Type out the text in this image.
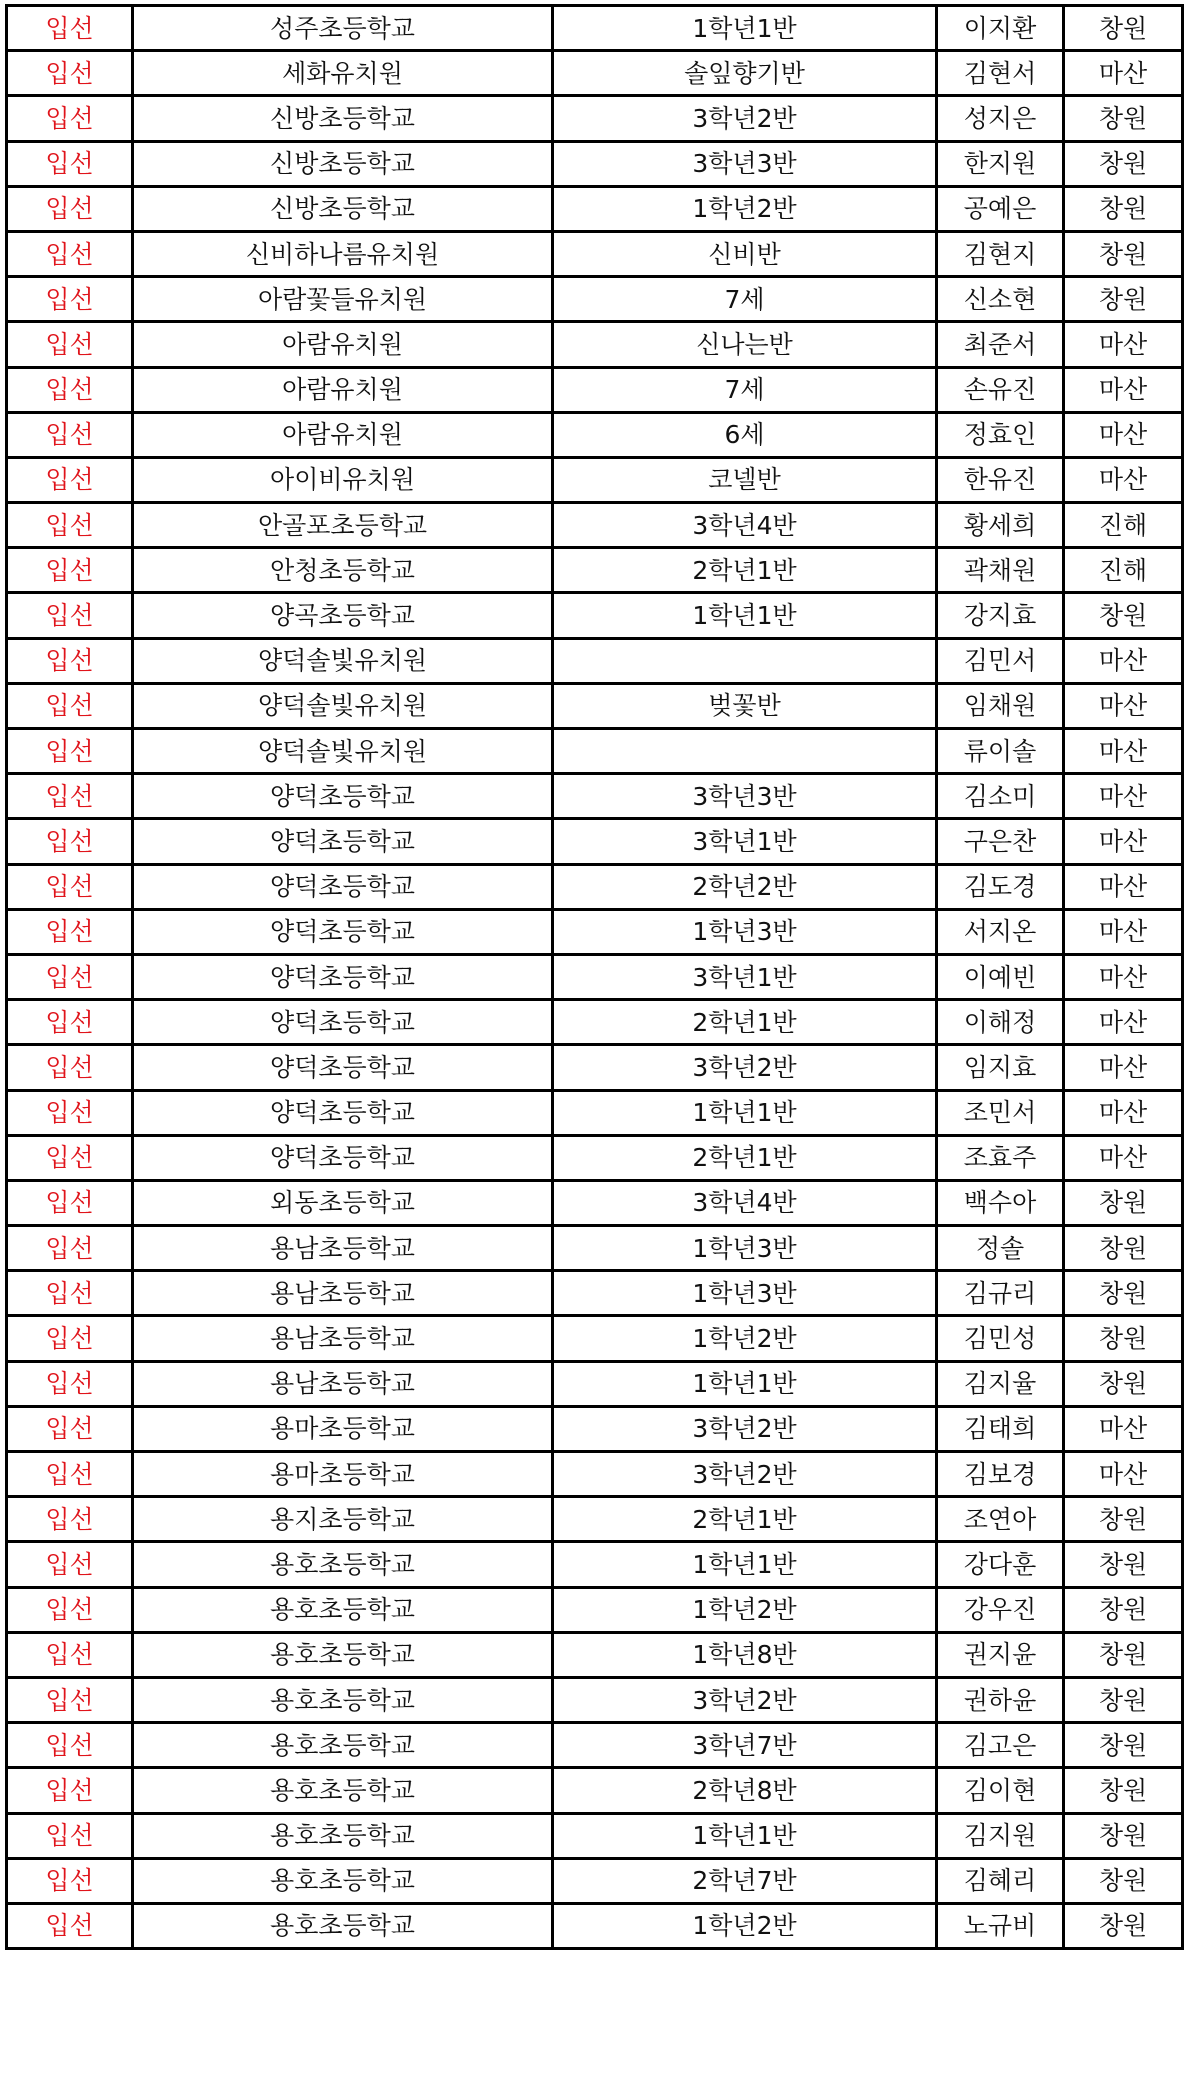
입선	성주초등학교	1학년1반	이지환	창원
입선	세화유치원	솔잎향기반	김현서	마산
입선	신방초등학교	3학년2반	성지은	창원
입선	신방초등학교	3학년3반	한지원	창원
입선	신방초등학교	1학년2반	공예은	창원
입선	신비하나름유치원	신비반	김현지	창원
입선	아람꽃들유치원	7세	신소현	창원
입선	아람유치원	신나는반	최준서	마산
입선	아람유치원	7세	손유진	마산
입선	아람유치원	6세	정효인	마산
입선	아이비유치원	코넬반	한유진	마산
입선	안골포초등학교	3학년4반	황세희	진해
입선	안청초등학교	2학년1반	곽채원	진해
입선	양곡초등학교	1학년1반	강지효	창원
입선	양덕솔빛유치원		김민서	마산
입선	양덕솔빛유치원	벚꽃반	임채원	마산
입선	양덕솔빛유치원		류이솔	마산
입선	양덕초등학교	3학년3반	김소미	마산
입선	양덕초등학교	3학년1반	구은찬	마산
입선	양덕초등학교	2학년2반	김도경	마산
입선	양덕초등학교	1학년3반	서지온	마산
입선	양덕초등학교	3학년1반	이예빈	마산
입선	양덕초등학교	2학년1반	이해정	마산
입선	양덕초등학교	3학년2반	임지효	마산
입선	양덕초등학교	1학년1반	조민서	마산
입선	양덕초등학교	2학년1반	조효주	마산
입선	외동초등학교	3학년4반	백수아	창원
입선	용남초등학교	1학년3반	정솔	창원
입선	용남초등학교	1학년3반	김규리	창원
입선	용남초등학교	1학년2반	김민성	창원
입선	용남초등학교	1학년1반	김지율	창원
입선	용마초등학교	3학년2반	김태희	마산
입선	용마초등학교	3학년2반	김보경	마산
입선	용지초등학교	2학년1반	조연아	창원
입선	용호초등학교	1학년1반	강다훈	창원
입선	용호초등학교	1학년2반	강우진	창원
입선	용호초등학교	1학년8반	권지윤	창원
입선	용호초등학교	3학년2반	권하윤	창원
입선	용호초등학교	3학년7반	김고은	창원
입선	용호초등학교	2학년8반	김이현	창원
입선	용호초등학교	1학년1반	김지원	창원
입선	용호초등학교	2학년7반	김혜리	창원
입선	용호초등학교	1학년2반	노규비	창원
